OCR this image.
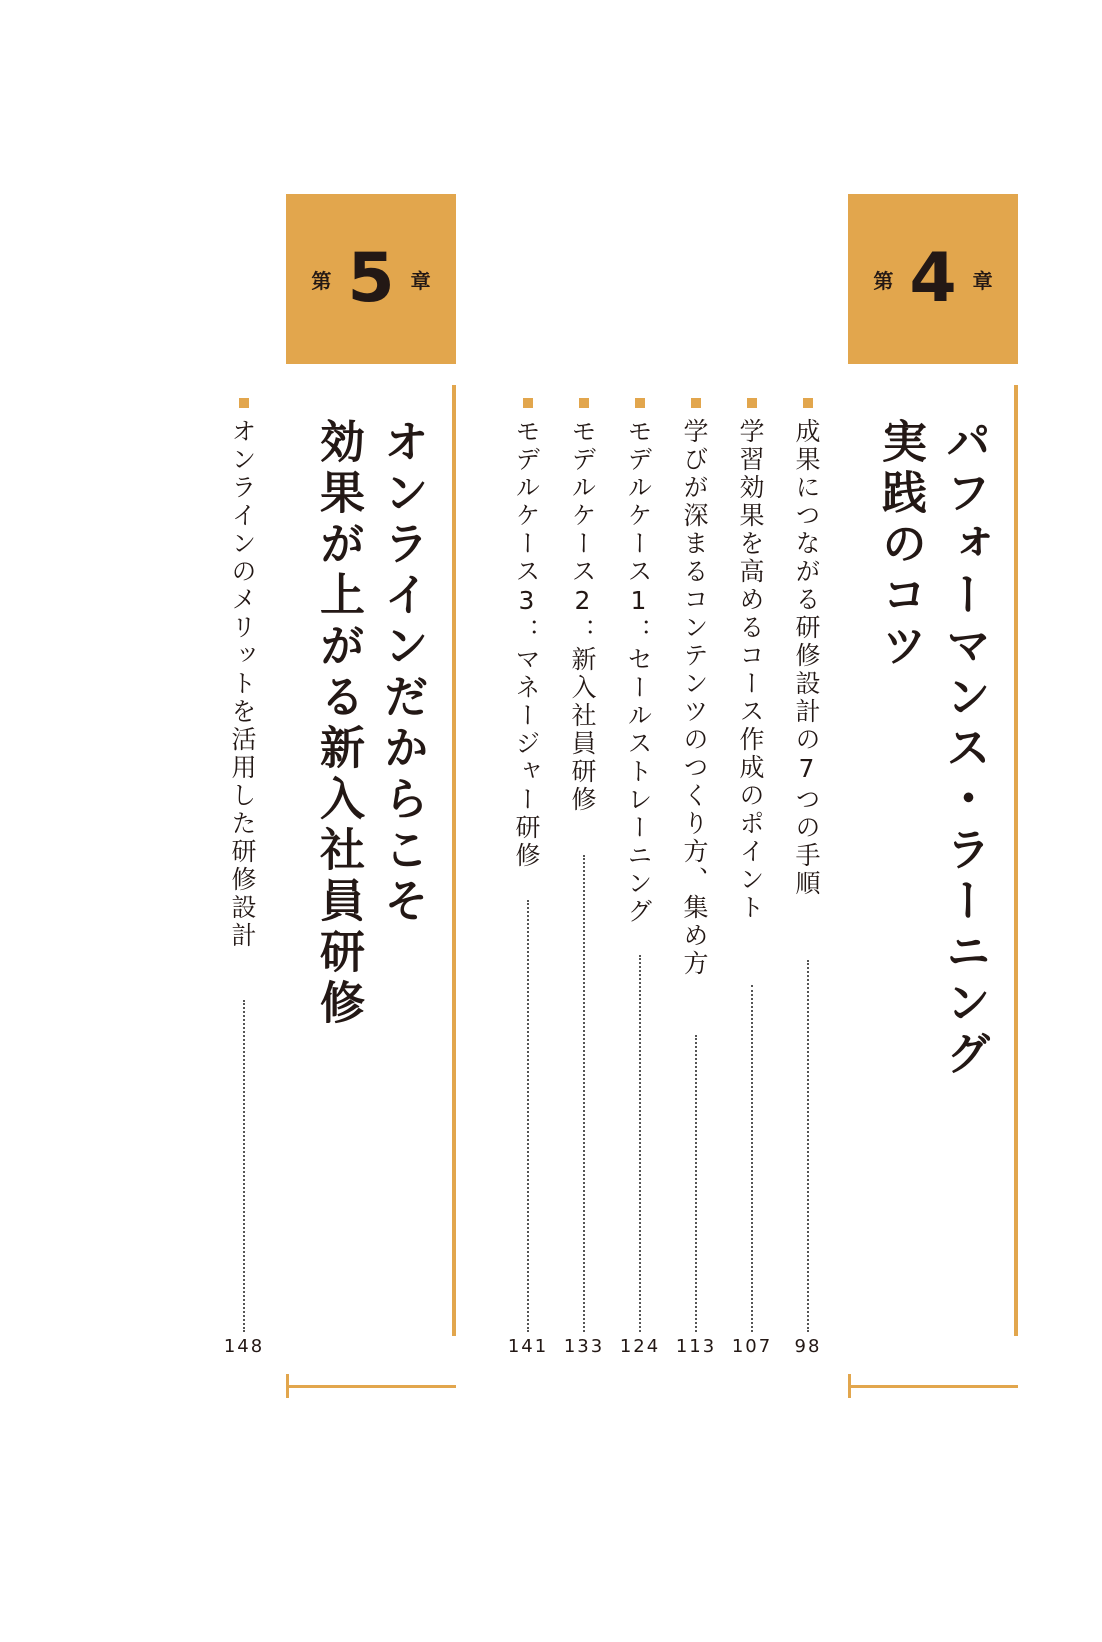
第 4 章
パフォーマンス・ラーニング
実践のコツ
成果につながる研修設計の7つの手順
98
学習効果を高めるコース作成のポイント
107
学びが深まるコンテンツのつくり方、集め方
113
モデルケース1：セールストレーニング
124
モデルケース2：新入社員研修
133
モデルケース3：マネージャー研修
141
第 5 章
オンラインだからこそ
効果が上がる新入社員研修
オンラインのメリットを活用した研修設計
148
